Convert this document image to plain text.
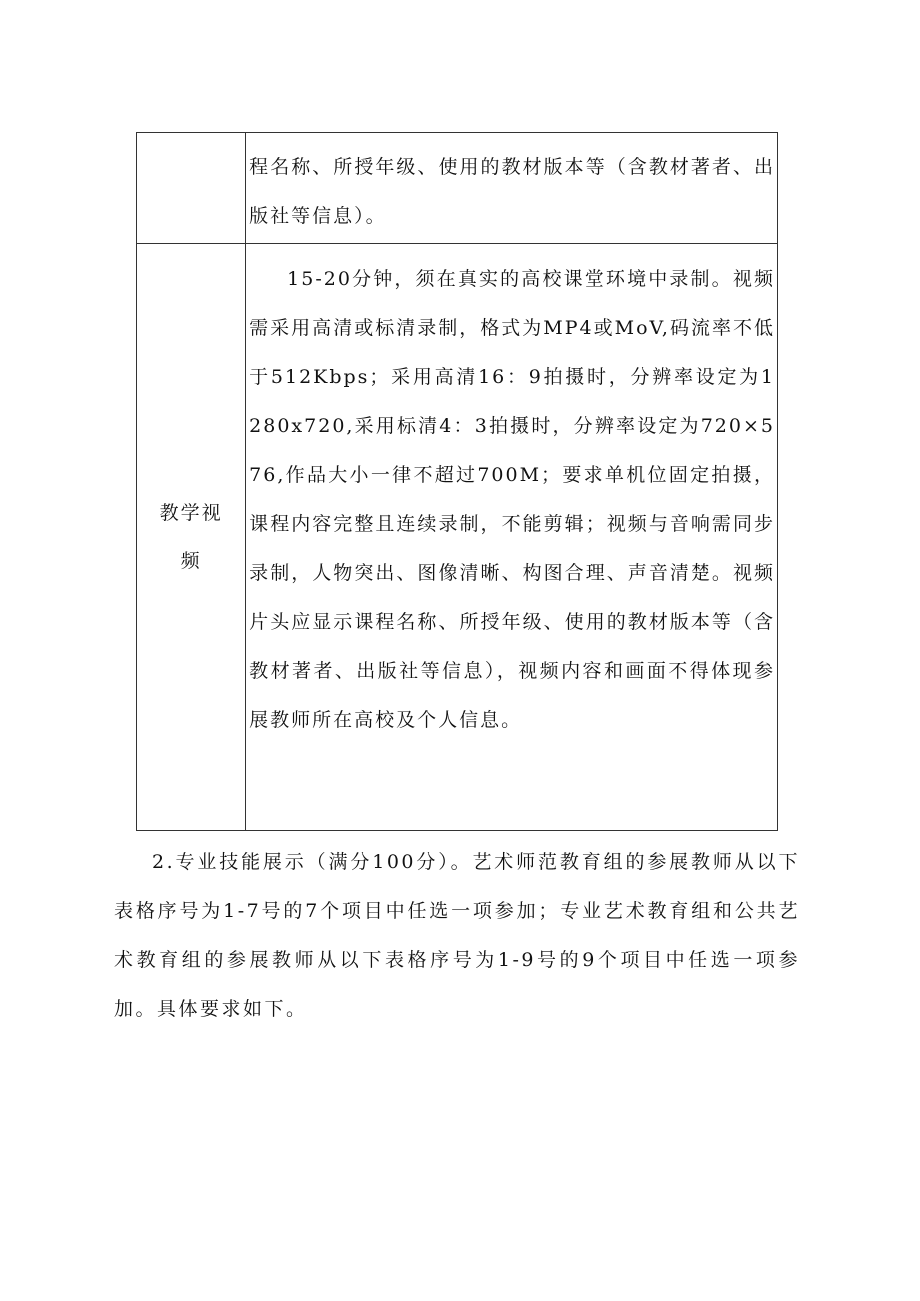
	程名称、所授年级、使用的教材版本等（含教材著者、出版社等信息）。

教学视频	15-20分钟，须在真实的高校课堂环境中录制。视频需采用高清或标清录制，格式为MP4或MoV,码流率不低于512Kbps；采用高清16：9拍摄时，分辨率设定为1280x720,采用标清4：3拍摄时，分辨率设定为720×576,作品大小一律不超过700M；要求单机位固定拍摄，课程内容完整且连续录制，不能剪辑；视频与音响需同步录制，人物突出、图像清晰、构图合理、声音清楚。视频片头应显示课程名称、所授年级、使用的教材版本等（含教材著者、出版社等信息），视频内容和画面不得体现参展教师所在高校及个人信息。

2.专业技能展示（满分100分）。艺术师范教育组的参展教师从以下表格序号为1-7号的7个项目中任选一项参加；专业艺术教育组和公共艺术教育组的参展教师从以下表格序号为1-9号的9个项目中任选一项参加。具体要求如下。
